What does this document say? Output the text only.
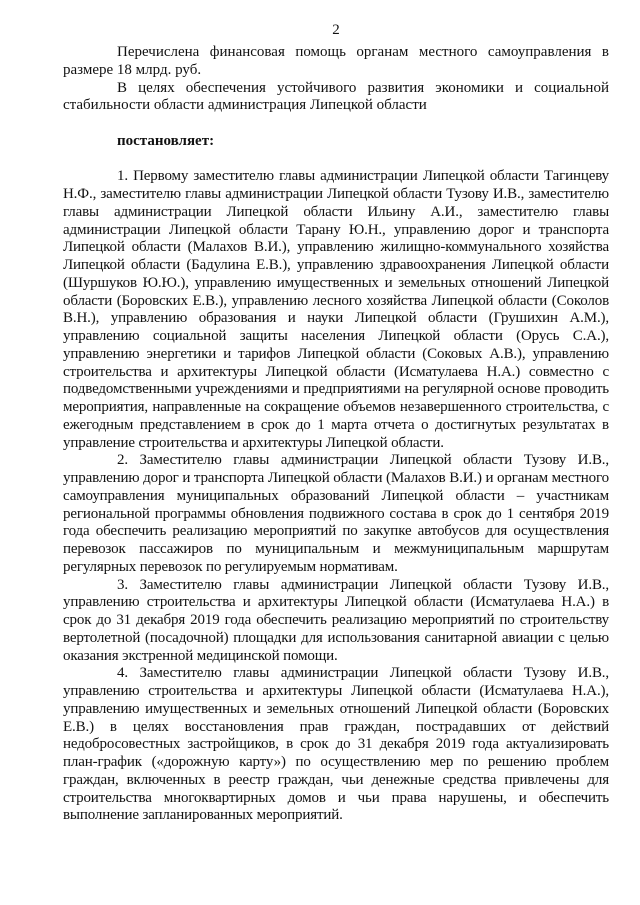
2

Перечислена финансовая помощь органам местного самоуправления в размере 18 млрд. руб.

В целях обеспечения устойчивого развития экономики и социальной стабильности области администрация Липецкой области

постановляет:

1. Первому заместителю главы администрации Липецкой области Тагинцеву Н.Ф., заместителю главы администрации Липецкой области Тузову И.В., заместителю главы администрации Липецкой области Ильину А.И., заместителю главы администрации Липецкой области Тарану Ю.Н., управлению дорог и транспорта Липецкой области (Малахов В.И.), управлению жилищно-коммунального хозяйства Липецкой области (Бадулина Е.В.), управлению здравоохранения Липецкой области (Шуршуков Ю.Ю.), управлению имущественных и земельных отношений Липецкой области (Боровских Е.В.), управлению лесного хозяйства Липецкой области (Соколов В.Н.), управлению образования и науки Липецкой области (Грушихин А.М.), управлению социальной защиты населения Липецкой области (Орусь С.А.), управлению энергетики и тарифов Липецкой области (Соковых А.В.), управлению строительства и архитектуры Липецкой области (Исматулаева Н.А.) совместно с подведомственными учреждениями и предприятиями на регулярной основе проводить мероприятия, направленные на сокращение объемов незавершенного строительства, с ежегодным представлением в срок до 1 марта отчета о достигнутых результатах в управление строительства и архитектуры Липецкой области.

2. Заместителю главы администрации Липецкой области Тузову И.В., управлению дорог и транспорта Липецкой области (Малахов В.И.) и органам местного самоуправления муниципальных образований Липецкой области – участникам региональной программы обновления подвижного состава в срок до 1 сентября 2019 года обеспечить реализацию мероприятий по закупке автобусов для осуществления перевозок пассажиров по муниципальным и межмуниципальным маршрутам регулярных перевозок по регулируемым нормативам.

3. Заместителю главы администрации Липецкой области Тузову И.В., управлению строительства и архитектуры Липецкой области (Исматулаева Н.А.) в срок до 31 декабря 2019 года обеспечить реализацию мероприятий по строительству вертолетной (посадочной) площадки для использования санитарной авиации с целью оказания экстренной медицинской помощи.

4. Заместителю главы администрации Липецкой области Тузову И.В., управлению строительства и архитектуры Липецкой области (Исматулаева Н.А.), управлению имущественных и земельных отношений Липецкой области (Боровских Е.В.) в целях восстановления прав граждан, пострадавших от действий недобросовестных застройщиков, в срок до 31 декабря 2019 года актуализировать план-график («дорожную карту») по осуществлению мер по решению проблем граждан, включенных в реестр граждан, чьи денежные средства привлечены для строительства многоквартирных домов и чьи права нарушены, и обеспечить выполнение запланированных мероприятий.
